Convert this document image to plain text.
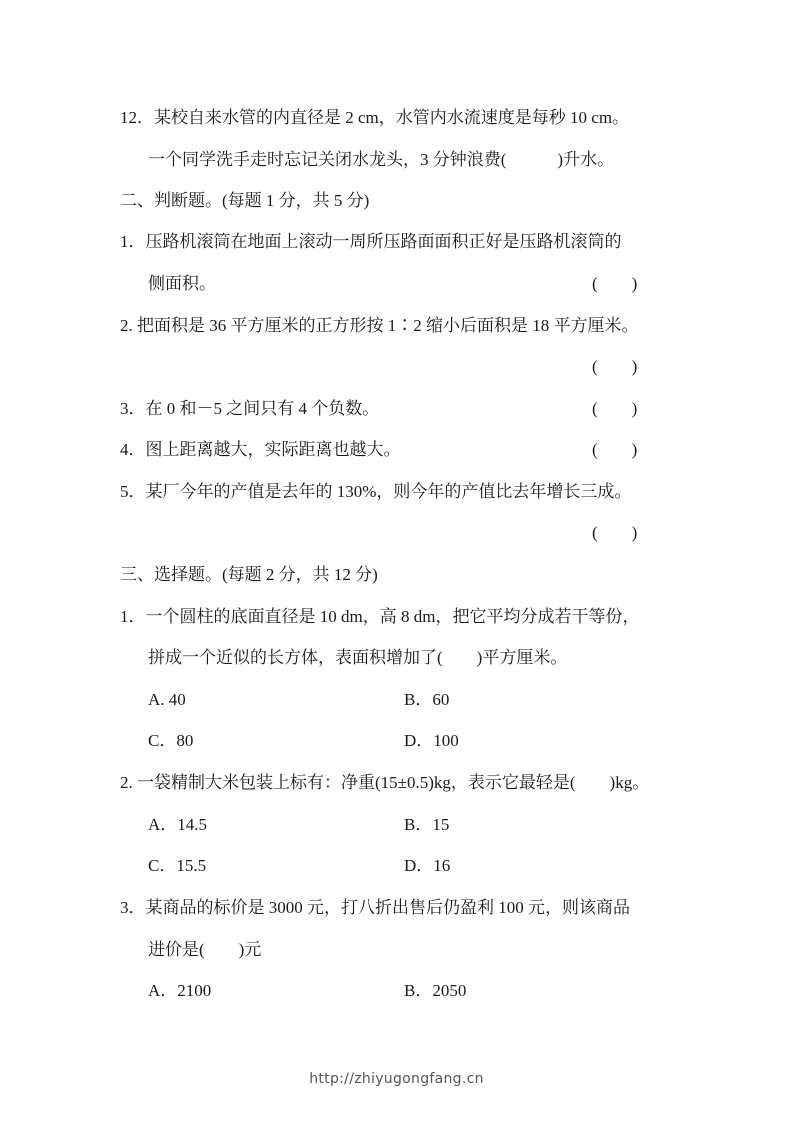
12．某校自来水管的内直径是 2 cm，水管内水流速度是每秒 10 cm。
一个同学洗手走时忘记关闭水龙头，3 分钟浪费(　　　)升水。
二、判断题。(每题 1 分，共 5 分)
1．压路机滚筒在地面上滚动一周所压路面面积正好是压路机滚筒的
侧面积。	(　　)
2. 把面积是 36 平方厘米的正方形按 1∶2 缩小后面积是 18 平方厘米。
(　　)
3．在 0 和－5 之间只有 4 个负数。	(　　)
4．图上距离越大，实际距离也越大。	(　　)
5．某厂今年的产值是去年的 130%，则今年的产值比去年增长三成。
(　　)
三、选择题。(每题 2 分，共 12 分)
1．一个圆柱的底面直径是 10 dm，高 8 dm，把它平均分成若干等份，
拼成一个近似的长方体，表面积增加了(　　)平方厘米。
A. 40	B．60
C．80	D．100
2. 一袋精制大米包装上标有：净重(15±0.5)kg，表示它最轻是(　　)kg。
A．14.5	B．15
C．15.5	D．16
3．某商品的标价是 3000 元，打八折出售后仍盈利 100 元，则该商品
进价是(　　)元
A．2100	B．2050
http://zhiyugongfang.cn
